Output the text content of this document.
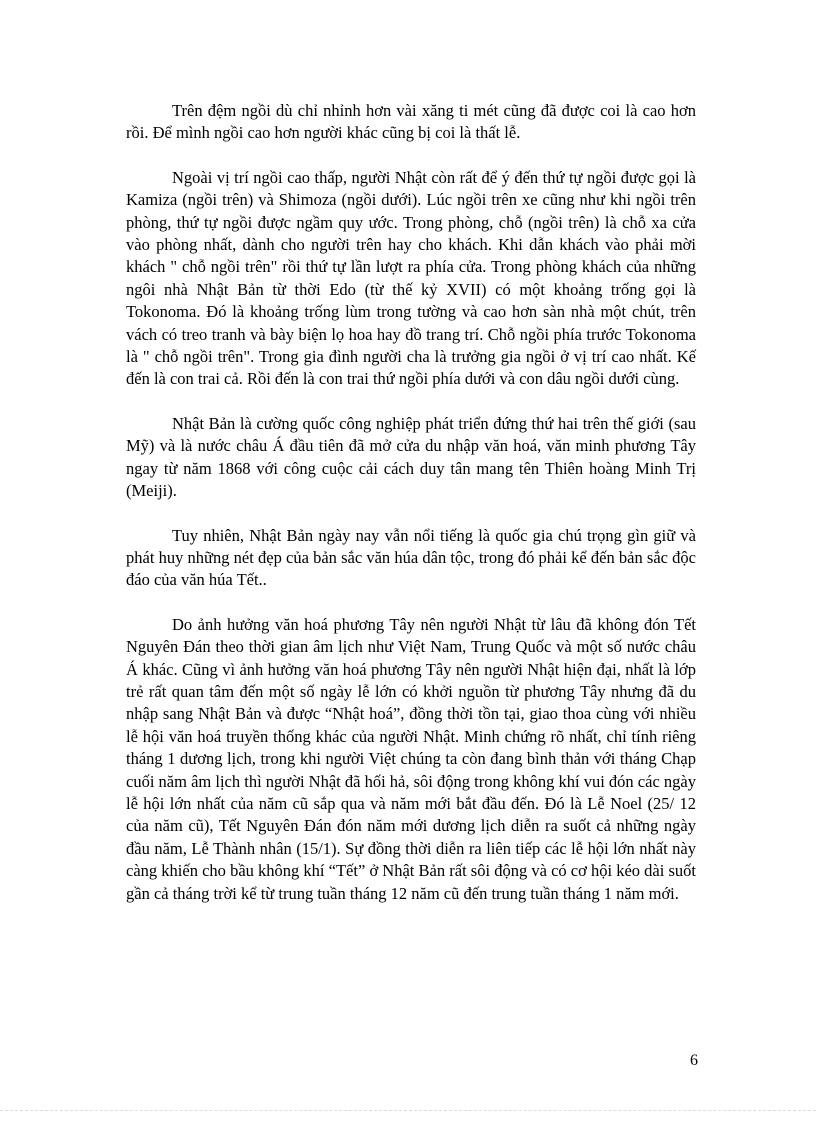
Trên đệm ngồi dù chỉ nhỉnh hơn vài xăng ti mét cũng đã được coi là cao hơn rồi. Để mình ngồi cao hơn người khác cũng bị coi là thất lễ.

Ngoài vị trí ngồi cao thấp, người Nhật còn rất để ý đến thứ tự ngồi được gọi là Kamiza (ngồi trên) và Shimoza (ngồi dưới). Lúc ngồi trên xe cũng như khi ngồi trên phòng, thứ tự ngồi được ngầm quy ước. Trong phòng, chỗ (ngồi trên) là chỗ xa cửa vào phòng nhất, dành cho người trên hay cho khách. Khi dẫn khách vào phải mời khách " chỗ ngồi trên" rồi thứ tự lần lượt ra phía cửa. Trong phòng khách của những ngôi nhà Nhật Bản từ thời Edo (từ thế kỷ XVII) có một khoảng trống gọi là Tokonoma. Đó là khoảng trống lùm trong tường và cao hơn sàn nhà một chút, trên vách có treo tranh và bày biện lọ hoa hay đồ trang trí. Chỗ ngồi phía trước Tokonoma là " chỗ ngồi trên". Trong gia đình người cha là trưởng gia ngồi ở vị trí cao nhất. Kế đến là con trai cả. Rồi đến là con trai thứ ngồi phía dưới và con dâu ngồi dưới cùng.

Nhật Bản là cường quốc công nghiệp phát triển đứng thứ hai trên thế giới (sau Mỹ) và là nước châu Á đầu tiên đã mở cửa du nhập văn hoá, văn minh phương Tây ngay từ năm 1868 với công cuộc cải cách duy tân mang tên Thiên hoàng Minh Trị (Meiji).

Tuy nhiên, Nhật Bản ngày nay vẫn nổi tiếng là quốc gia chú trọng gìn giữ và phát huy những nét đẹp của bản sắc văn húa dân tộc, trong đó phải kể đến bản sắc độc đáo của văn húa Tết..

Do ảnh hưởng văn hoá phương Tây nên người Nhật từ lâu đã không đón Tết Nguyên Đán theo thời gian âm lịch như Việt Nam, Trung Quốc và một số nước châu Á khác. Cũng vì ảnh hưởng văn hoá phương Tây nên người Nhật hiện đại, nhất là lớp trẻ rất quan tâm đến một số ngày lễ lớn có khởi nguồn từ phương Tây nhưng đã du nhập sang Nhật Bản và được “Nhật hoá”, đồng thời tồn tại, giao thoa cùng với nhiều lễ hội văn hoá truyền thống khác của người Nhật. Minh chứng rõ nhất, chỉ tính riêng tháng 1 dương lịch, trong khi người Việt chúng ta còn đang bình thản với tháng Chạp cuối năm âm lịch thì người Nhật đã hối hả, sôi động trong không khí vui đón các ngày lễ hội lớn nhất của năm cũ sắp qua và năm mới bắt đầu đến. Đó là Lễ Noel (25/ 12 của năm cũ), Tết Nguyên Đán đón năm mới dương lịch diễn ra suốt cả những ngày đầu năm, Lễ Thành nhân (15/1). Sự đồng thời diễn ra liên tiếp các lễ hội lớn nhất này càng khiến cho bầu không khí “Tết” ở Nhật Bản rất sôi động và có cơ hội kéo dài suốt gần cả tháng trời kể từ trung tuần tháng 12 năm cũ đến trung tuần tháng 1 năm mới.

6
